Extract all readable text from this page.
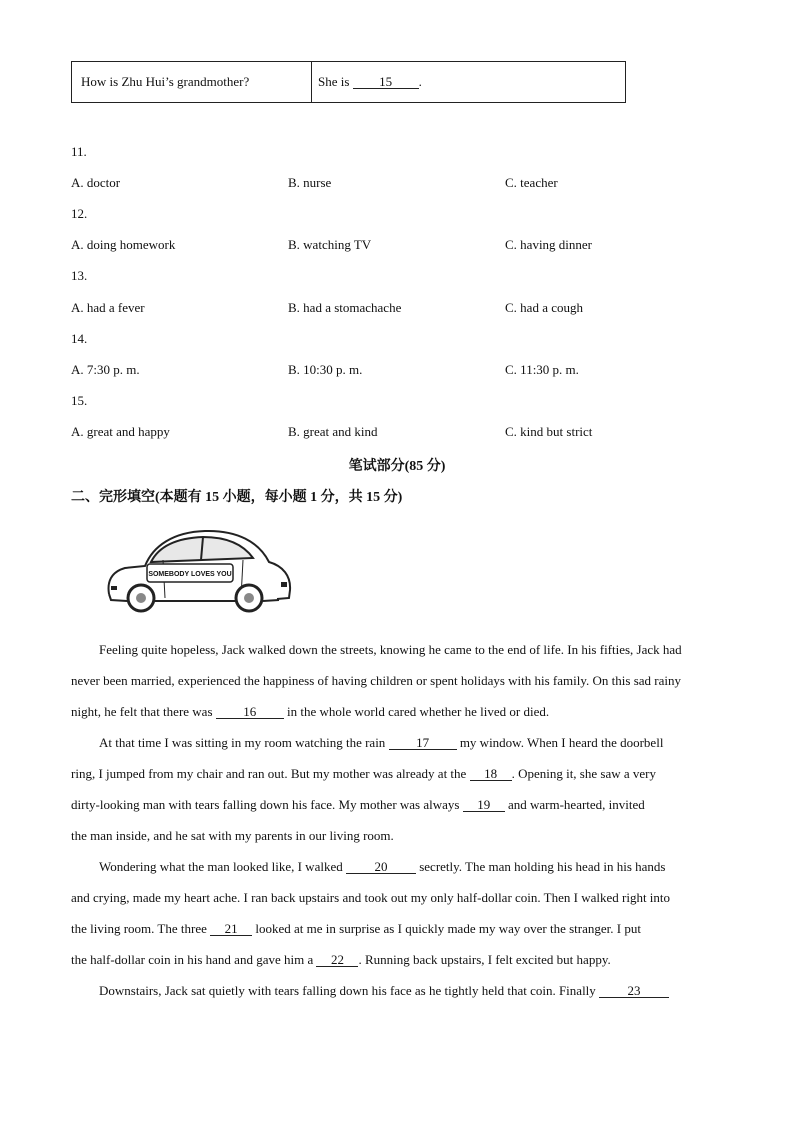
How is Zhu Hui’s grandmother?	She is 15 .
11.
A. doctor	B. nurse	C. teacher
12.
A. doing homework	B. watching TV	C. having dinner
13.
A. had a fever	B. had a stomachache	C. had a cough
14.
A. 7:30 p. m.	B. 10:30 p. m.	C. 11:30 p. m.
15.
A. great and happy	B. great and kind	C. kind but strict
笔试部分(85 分)
二、完形填空(本题有 15 小题，每小题 1 分，共 15 分)
SOMEBODY LOVES YOU
Feeling quite hopeless, Jack walked down the streets, knowing he came to the end of life. In his fifties, Jack had
never been married, experienced the happiness of having children or spent holidays with his family. On this sad rainy
night, he felt that there was 16 in the whole world cared whether he lived or died.
At that time I was sitting in my room watching the rain 17 my window. When I heard the doorbell
ring, I jumped from my chair and ran out. But my mother was already at the 18 . Opening it, she saw a very
dirty-looking man with tears falling down his face. My mother was always 19 and warm-hearted, invited
the man inside, and he sat with my parents in our living room.
Wondering what the man looked like, I walked 20 secretly. The man holding his head in his hands
and crying, made my heart ache. I ran back upstairs and took out my only half-dollar coin. Then I walked right into
the living room. The three 21 looked at me in surprise as I quickly made my way over the stranger. I put
the half-dollar coin in his hand and gave him a 22 . Running back upstairs, I felt excited but happy.
Downstairs, Jack sat quietly with tears falling down his face as he tightly held that coin. Finally 23
